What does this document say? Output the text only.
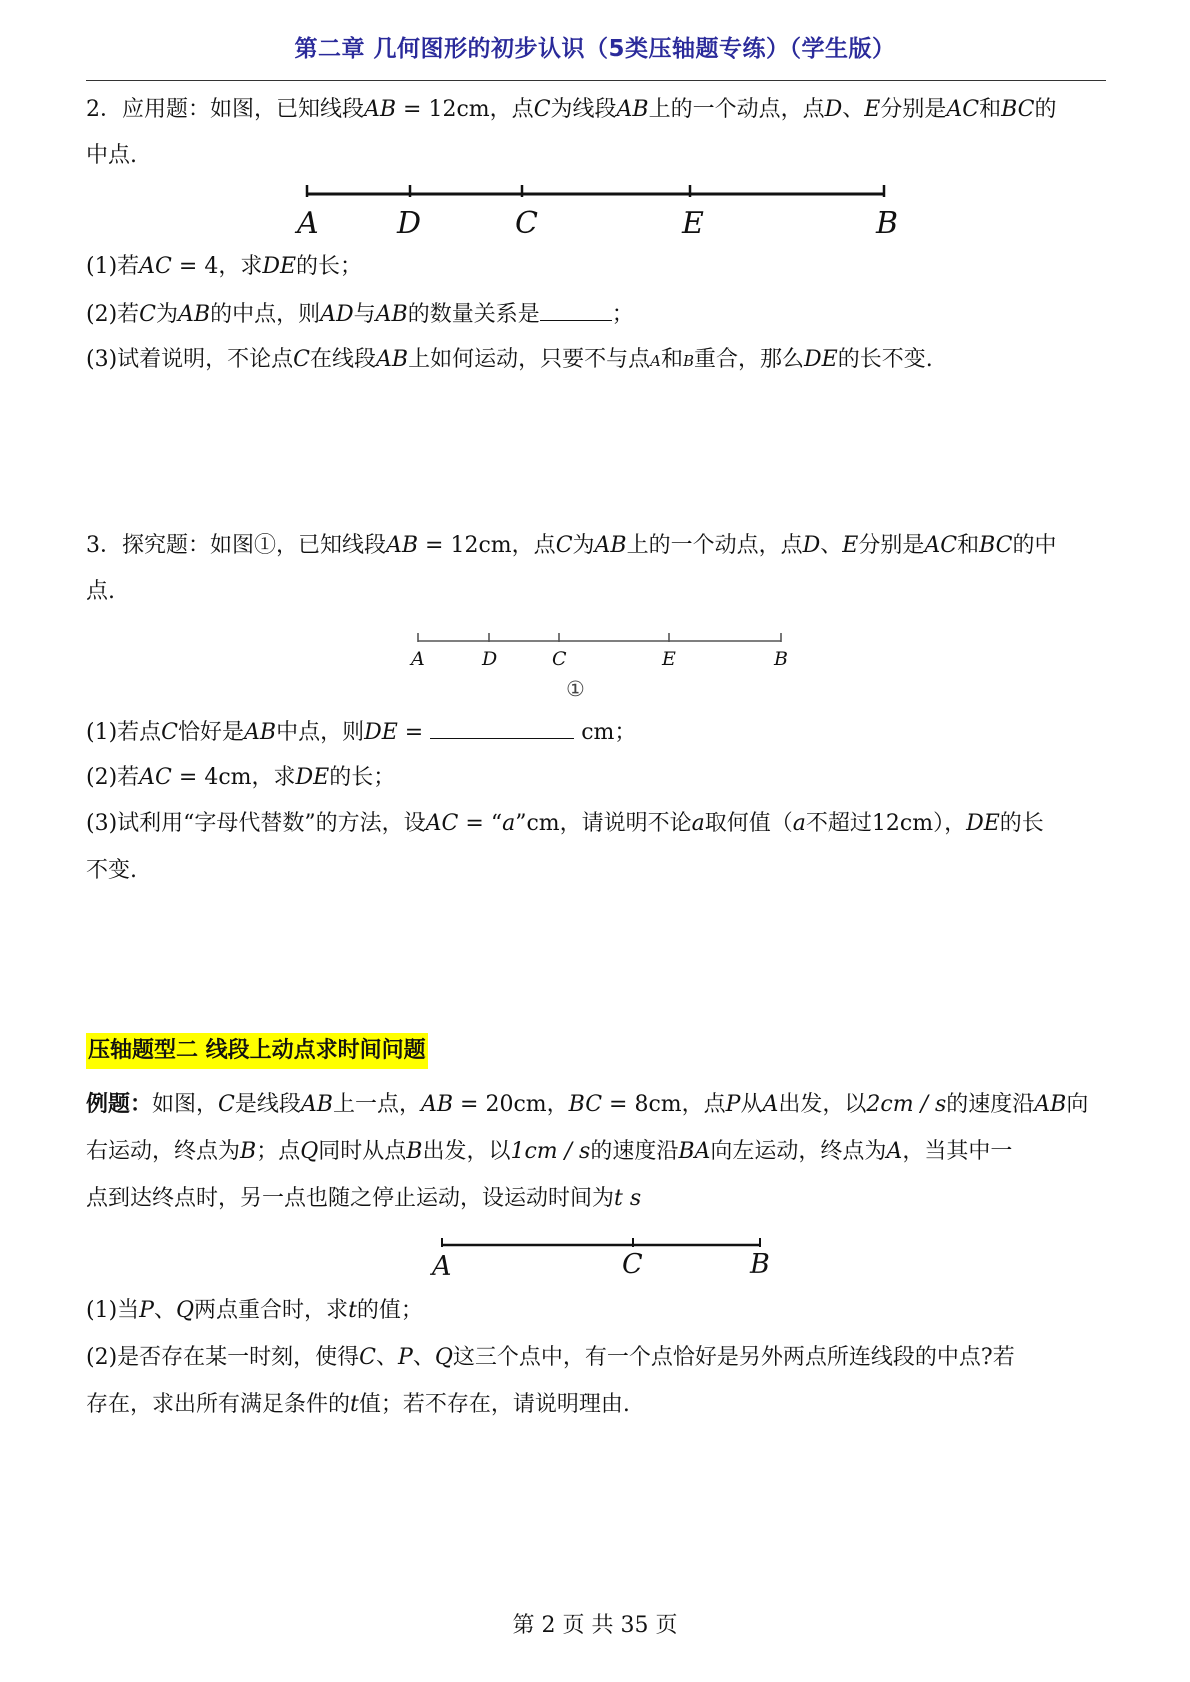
第二章 几何图形的初步认识（5类压轴题专练）（学生版）
2．应用题：如图，已知线段AB = 12cm，点C为线段AB上的一个动点，点D、E分别是AC和BC的
中点.
A	D	C	E	B
(1)若AC = 4，求DE的长；
(2)若C为AB的中点，则AD与AB的数量关系是	；
(3)试着说明，不论点C在线段AB上如何运动，只要不与点A和B重合，那么DE的长不变.
3．探究题：如图①，已知线段AB = 12cm，点C为AB上的一个动点，点D、E分别是AC和BC的中
点.
A	D	C	E	B
①
(1)若点C恰好是AB中点，则DE =	cm；
(2)若AC = 4cm，求DE的长；
(3)试利用“字母代替数”的方法，设AC = “a”cm，请说明不论a取何值（a不超过12cm），DE的长
不变.
压轴题型二 线段上动点求时间问题
例题：如图，C是线段AB上一点，AB = 20cm，BC = 8cm，点P从A出发，以2cm / s的速度沿AB向
右运动，终点为B；点Q同时从点B出发，以1cm / s的速度沿BA向左运动，终点为A，当其中一
点到达终点时，另一点也随之停止运动，设运动时间为t s
A	C	B
(1)当P、Q两点重合时，求t的值；
(2)是否存在某一时刻，使得C、P、Q这三个点中，有一个点恰好是另外两点所连线段的中点?若
存在，求出所有满足条件的t值；若不存在，请说明理由.
第 2 页 共 35 页
